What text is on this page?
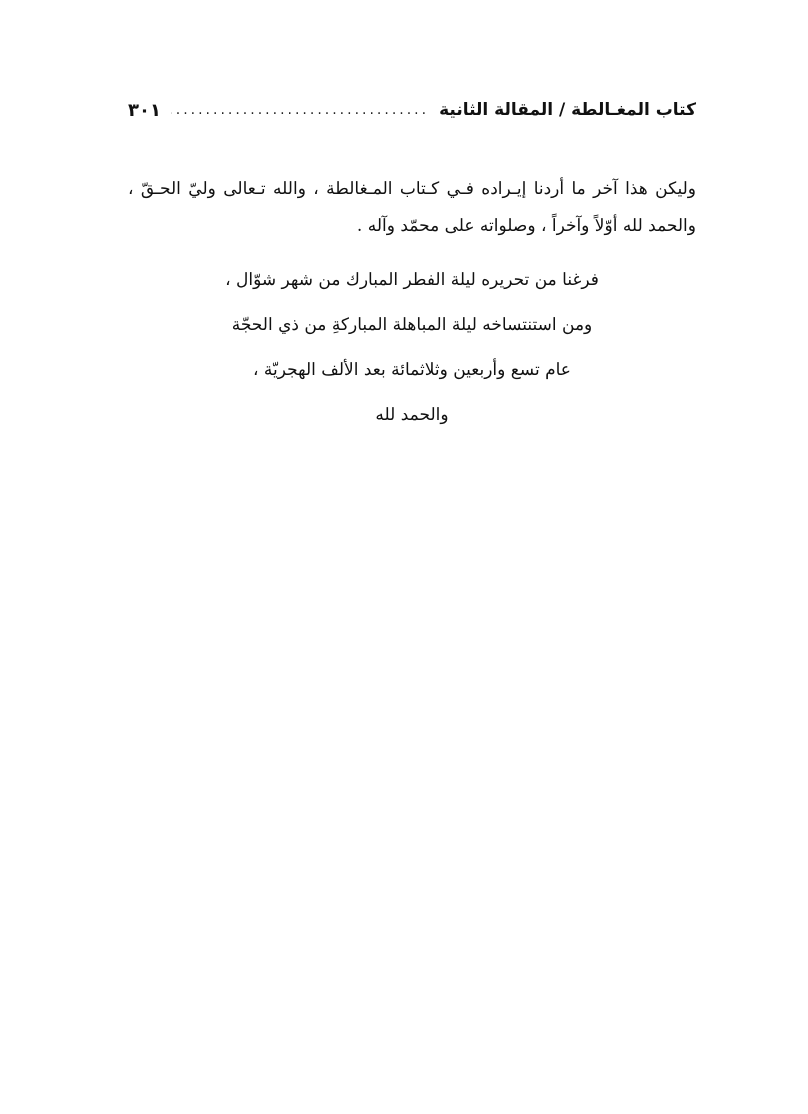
كتاب المغـالطة / المقالة الثانية
.....
٣٠١

وليكن هذا آخر ما أردنا إيـراده فـي كـتاب المـغالطة ، والله تـعالى وليّ الحـقّ ، والحمد لله أوّلاً وآخراً ، وصلواته على محمّد وآله .

فرغنا من تحريره ليلة الفطر المبارك من شهر شوّال ،
ومن استنتساخه ليلة المباهلة المباركةِ من ذي الحجّة
عام تسع وأربعين وثلاثمائة بعد الألف الهجريّة ،
والحمد لله
